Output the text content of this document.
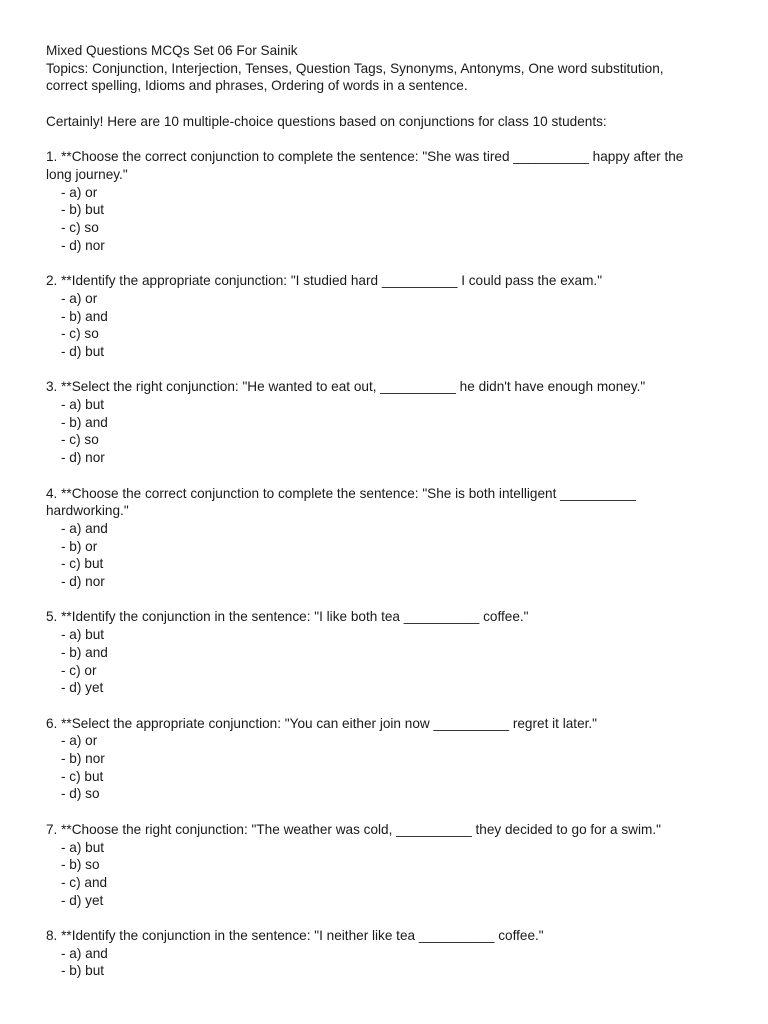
Mixed Questions MCQs Set 06 For Sainik
Topics: Conjunction, Interjection, Tenses, Question Tags, Synonyms, Antonyms, One word substitution,
correct spelling, Idioms and phrases, Ordering of words in a sentence.
Certainly! Here are 10 multiple-choice questions based on conjunctions for class 10 students:
1. **Choose the correct conjunction to complete the sentence: "She was tired __________ happy after the
long journey."
- a) or
- b) but
- c) so
- d) nor
2. **Identify the appropriate conjunction: "I studied hard __________ I could pass the exam."
- a) or
- b) and
- c) so
- d) but
3. **Select the right conjunction: "He wanted to eat out, __________ he didn't have enough money."
- a) but
- b) and
- c) so
- d) nor
4. **Choose the correct conjunction to complete the sentence: "She is both intelligent __________
hardworking."
- a) and
- b) or
- c) but
- d) nor
5. **Identify the conjunction in the sentence: "I like both tea __________ coffee."
- a) but
- b) and
- c) or
- d) yet
6. **Select the appropriate conjunction: "You can either join now __________ regret it later."
- a) or
- b) nor
- c) but
- d) so
7. **Choose the right conjunction: "The weather was cold, __________ they decided to go for a swim."
- a) but
- b) so
- c) and
- d) yet
8. **Identify the conjunction in the sentence: "I neither like tea __________ coffee."
- a) and
- b) but
